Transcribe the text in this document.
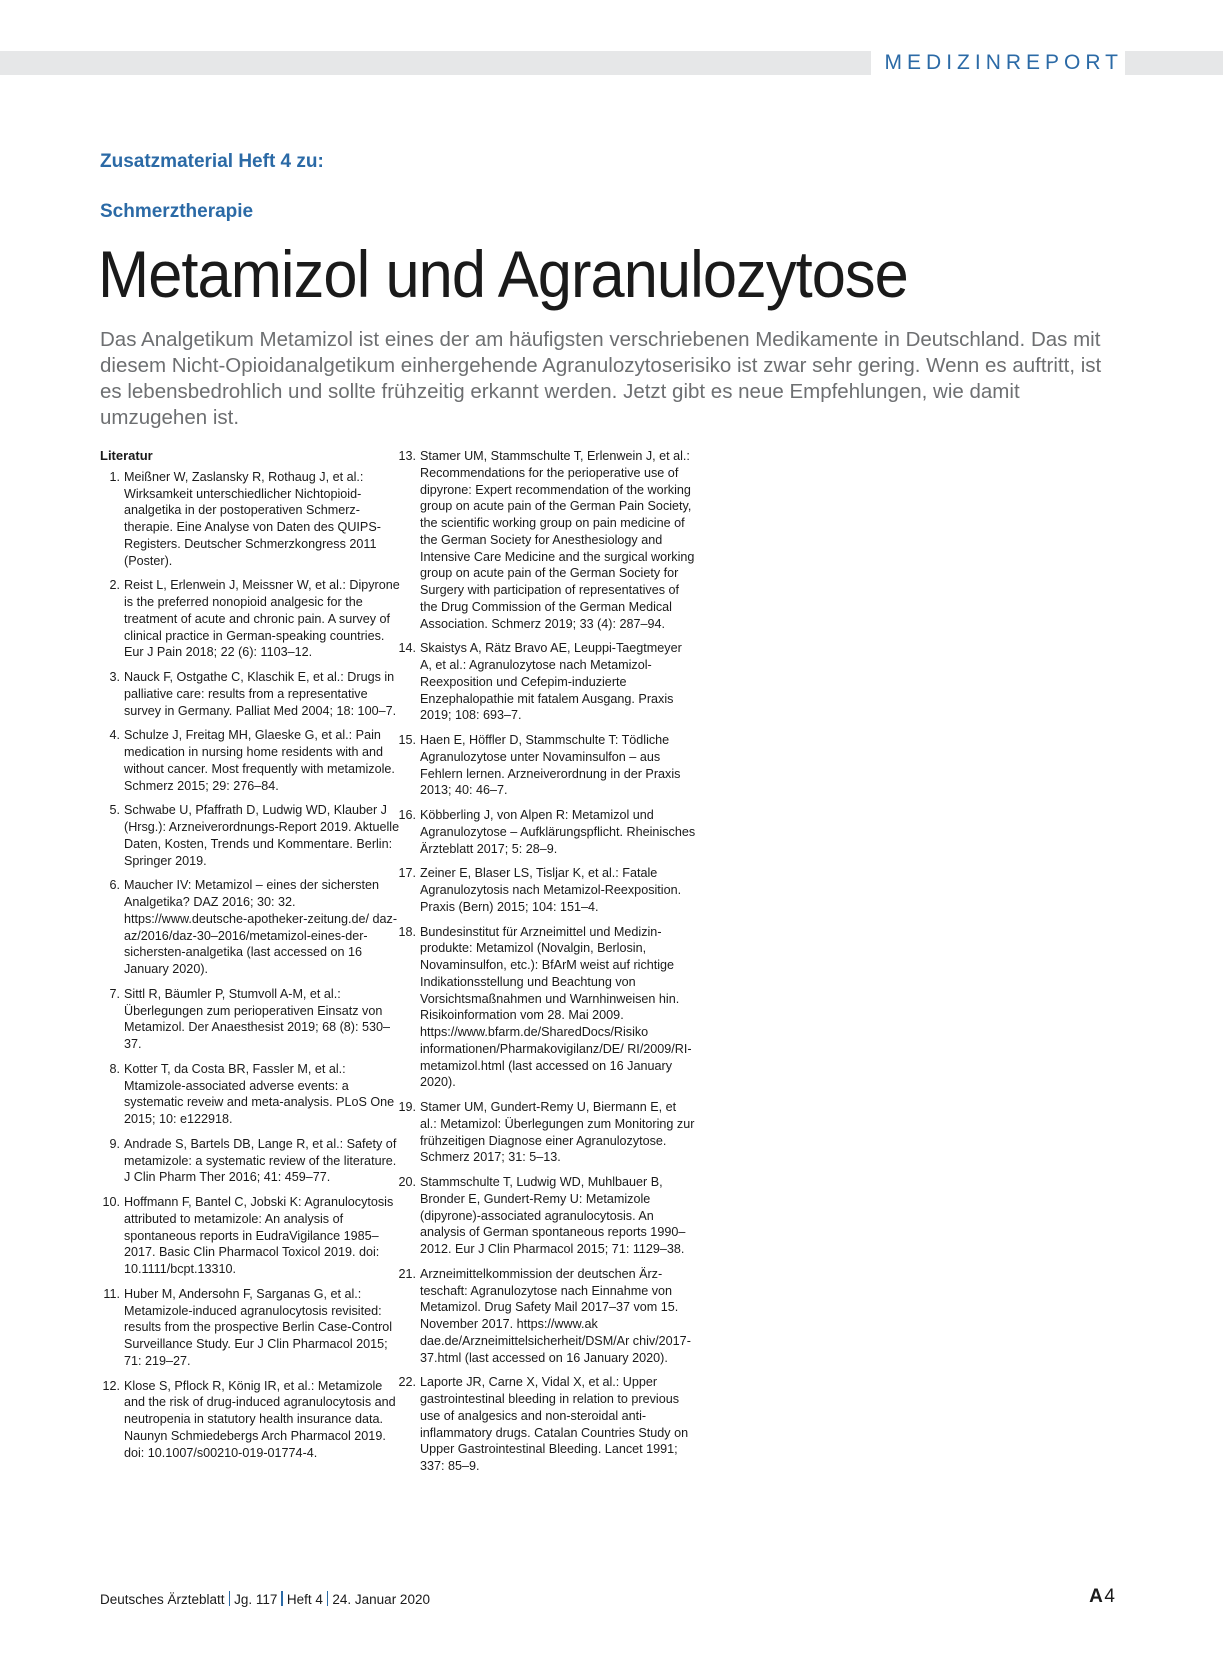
MEDIZINREPORT
Zusatzmaterial Heft 4 zu:
Schmerztherapie
Metamizol und Agranulozytose

Das Analgetikum Metamizol ist eines der am häufigsten verschriebenen Medikamente in Deutschland. Das mit diesem Nicht-Opioidanalgetikum einhergehende Agranulozytoserisiko ist zwar sehr gering. Wenn es auftritt, ist es lebensbedrohlich und sollte frühzeitig erkannt werden. Jetzt gibt es neue Empfehlungen, wie damit umzugehen ist.

Literatur
1. Meißner W, Zaslansky R, Rothaug J, et al.: Wirksamkeit unterschiedlicher Nichtopioidanalgetika in der postoperativen Schmerztherapie. Eine Analyse von Daten des QUIPS-Registers. Deutscher Schmerzkongress 2011 (Poster).
2. Reist L, Erlenwein J, Meissner W, et al.: Dipyrone is the preferred nonopioid analgesic for the treatment of acute and chronic pain. A survey of clinical practice in German-speaking countries. Eur J Pain 2018; 22 (6): 1103–12.
3. Nauck F, Ostgathe C, Klaschik E, et al.: Drugs in palliative care: results from a representative survey in Germany. Palliat Med 2004; 18: 100–7.
4. Schulze J, Freitag MH, Glaeske G, et al.: Pain medication in nursing home residents with and without cancer. Most frequently with metamizole. Schmerz 2015; 29: 276–84.
5. Schwabe U, Pfaffrath D, Ludwig WD, Klauber J (Hrsg.): Arzneiverordnungs-Report 2019. Aktuelle Daten, Kosten, Trends und Kommentare. Berlin: Springer 2019.
6. Maucher IV: Metamizol – eines der sichersten Analgetika? DAZ 2016; 30: 32. https://www.deutsche-apotheker-zeitung.de/ daz-az/2016/daz-30–2016/metamizol-eines-der-sichersten-analgetika (last accessed on 16 January 2020).
7. Sittl R, Bäumler P, Stumvoll A-M, et al.: Überlegungen zum perioperativen Einsatz von Metamizol. Der Anaesthesist 2019; 68 (8): 530–37.
8. Kotter T, da Costa BR, Fassler M, et al.: Mtamizole-associated adverse events: a systematic reveiw and meta-analysis. PLoS One 2015; 10: e122918.
9. Andrade S, Bartels DB, Lange R, et al.: Safety of metamizole: a systematic review of the literature. J Clin Pharm Ther 2016; 41: 459–77.
10. Hoffmann F, Bantel C, Jobski K: Agranulocytosis attributed to metamizole: An analysis of spontaneous reports in EudraVigilance 1985–2017. Basic Clin Pharmacol Toxicol 2019. doi: 10.1111/bcpt.13310.
11. Huber M, Andersohn F, Sarganas G, et al.: Metamizole-induced agranulocytosis revisited: results from the prospective Berlin Case-Control Surveillance Study. Eur J Clin Pharmacol 2015; 71: 219–27.
12. Klose S, Pflock R, König IR, et al.: Metamizole and the risk of drug-induced agranulocytosis and neutropenia in statutory health insurance data. Naunyn Schmiedebergs Arch Pharmacol 2019. doi: 10.1007/s00210-019-01774-4.
13. Stamer UM, Stammschulte T, Erlenwein J, et al.: Recommendations for the perioperative use of dipyrone: Expert recommendation of the working group on acute pain of the German Pain Society, the scientific working group on pain medicine of the German Society for Anesthesiology and Intensive Care Medicine and the surgical working group on acute pain of the German Society for Surgery with participation of representatives of the Drug Commission of the German Medical Association. Schmerz 2019; 33 (4): 287–94.
14. Skaistys A, Rätz Bravo AE, Leuppi-Taegtmeyer A, et al.: Agranulozytose nach Metamizol-Reexposition und Cefepim-induzierte Enzephalopathie mit fatalem Ausgang. Praxis 2019; 108: 693–7.
15. Haen E, Höffler D, Stammschulte T: Tödliche Agranulozytose unter Novaminsulfon – aus Fehlern lernen. Arzneiverordnung in der Praxis 2013; 40: 46–7.
16. Köbberling J, von Alpen R: Metamizol und Agranulozytose – Aufklärungspflicht. Rheinisches Ärzteblatt 2017; 5: 28–9.
17. Zeiner E, Blaser LS, Tisljar K, et al.: Fatale Agranulozytosis nach Metamizol-Reexposition. Praxis (Bern) 2015; 104: 151–4.
18. Bundesinstitut für Arzneimittel und Medizinprodukte: Metamizol (Novalgin, Berlosin, Novaminsulfon, etc.): BfArM weist auf richtige Indikationsstellung und Beachtung von Vorsichtsmaßnahmen und Warnhinweisen hin. Risikoinformation vom 28. Mai 2009. https://www.bfarm.de/SharedDocs/Risiko informationen/Pharmakovigilanz/DE/ RI/2009/RI-metamizol.html (last accessed on 16 January 2020).
19. Stamer UM, Gundert-Remy U, Biermann E, et al.: Metamizol: Überlegungen zum Monitoring zur frühzeitigen Diagnose einer Agranulozytose. Schmerz 2017; 31: 5–13.
20. Stammschulte T, Ludwig WD, Muhlbauer B, Bronder E, Gundert-Remy U: Metamizole (dipyrone)-associated agranulocytosis. An analysis of German spontaneous reports 1990–2012. Eur J Clin Pharmacol 2015; 71: 1129–38.
21. Arzneimittelkommission der deutschen Ärzteschaft: Agranulozytose nach Einnahme von Metamizol. Drug Safety Mail 2017–37 vom 15. November 2017. https://www.ak dae.de/Arzneimittelsicherheit/DSM/Ar chiv/2017-37.html (last accessed on 16 January 2020).
22. Laporte JR, Carne X, Vidal X, et al.: Upper gastrointestinal bleeding in relation to previous use of analgesics and non-steroidal anti-inflammatory drugs. Catalan Countries Study on Upper Gastrointestinal Bleeding. Lancet 1991; 337: 85–9.
Deutsches Ärzteblatt Jg. 117 Heft 4 24. Januar 2020	A 4
